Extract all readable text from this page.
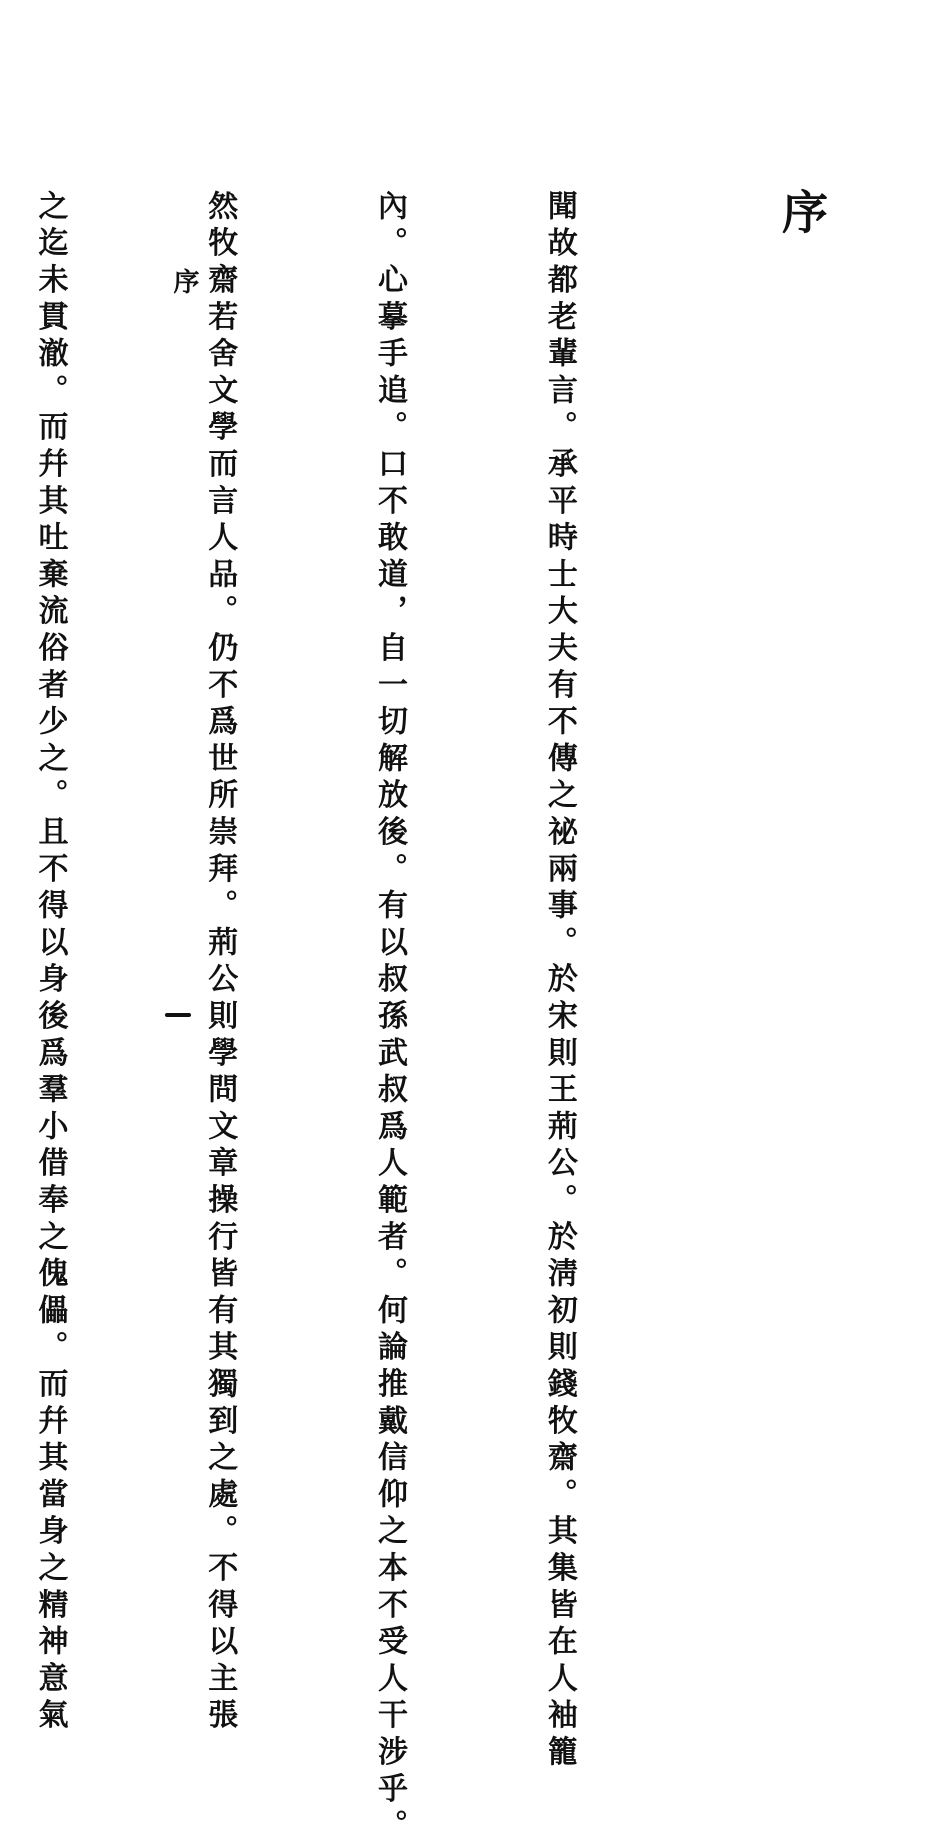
序

聞故都老輩言。承平時士大夫有不傳之祕兩事。於宋則王荊公。於淸初則錢牧齋。其集皆在人袖籠

內。心摹手追。口不敢道，自一切解放後。有以叔孫武叔爲人範者。何論推戴信仰之本不受人干涉乎。

然牧齋若舍文學而言人品。仍不爲世所崇拜。荊公則學問文章操行皆有其獨到之處。不得以主張

之迄未貫澈。而幷其吐棄流俗者少之。且不得以身後爲羣小借奉之傀儡。而幷其當身之精神意氣

	序
